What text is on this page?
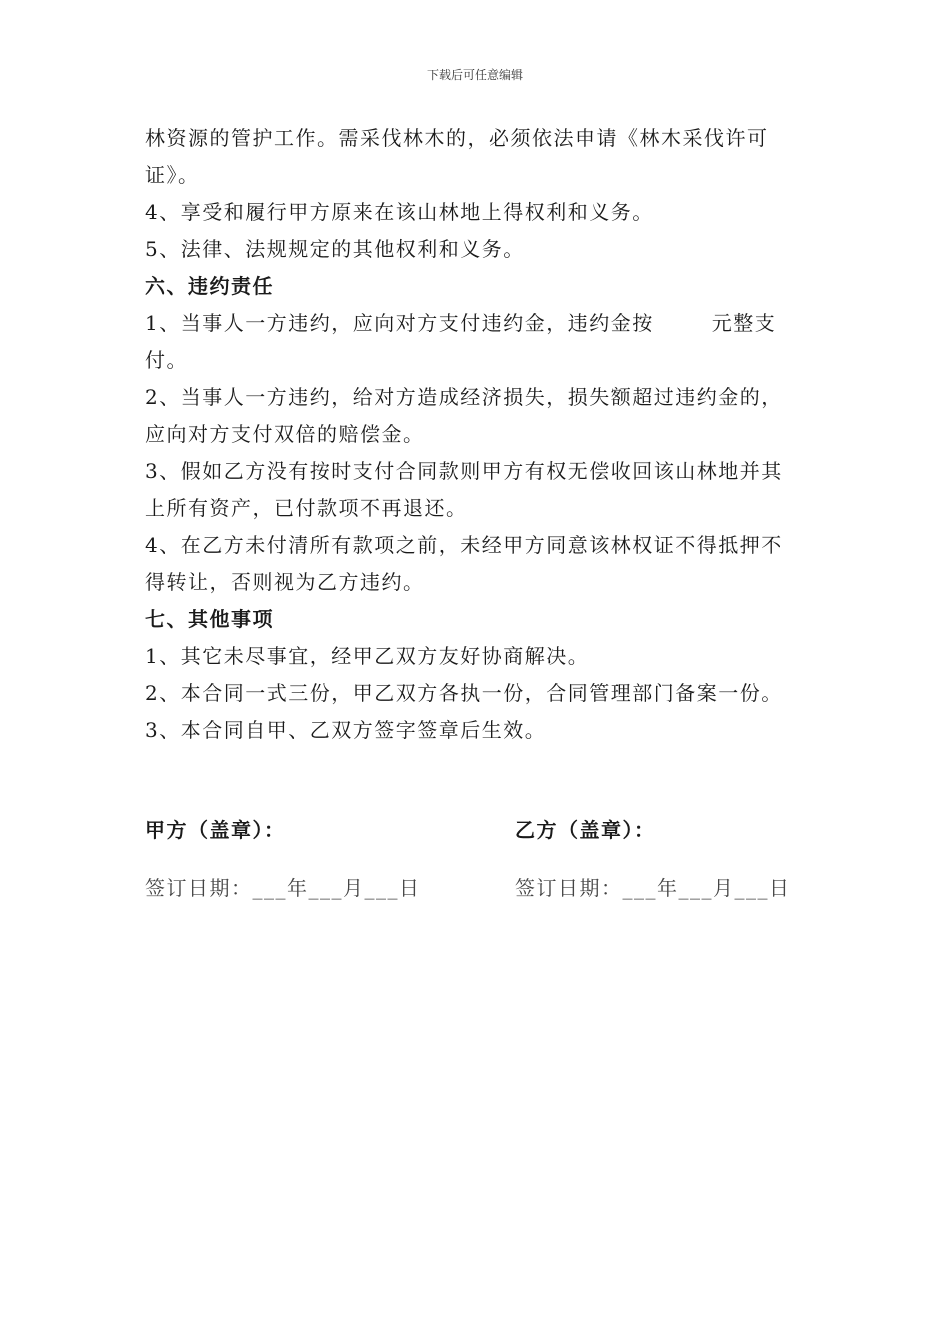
下载后可任意编辑
林资源的管护工作。需采伐林木的，必须依法申请《林木采伐许可
证》。
4、享受和履行甲方原来在该山林地上得权利和义务。
5、法律、法规规定的其他权利和义务。
六、违约责任
1、当事人一方违约，应向对方支付违约金，违约金按	元整支
付。
2、当事人一方违约，给对方造成经济损失，损失额超过违约金的，
应向对方支付双倍的赔偿金。
3、假如乙方没有按时支付合同款则甲方有权无偿收回该山林地并其
上所有资产，已付款项不再退还。
4、在乙方未付清所有款项之前，未经甲方同意该林权证不得抵押不
得转让，否则视为乙方违约。
七、其他事项
1、其它未尽事宜，经甲乙双方友好协商解决。
2、本合同一式三份，甲乙双方各执一份，合同管理部门备案一份。
3、本合同自甲、乙双方签字签章后生效。
甲方（盖章）：
签订日期：___年___月___日
乙方（盖章）：
签订日期：___年___月___日
